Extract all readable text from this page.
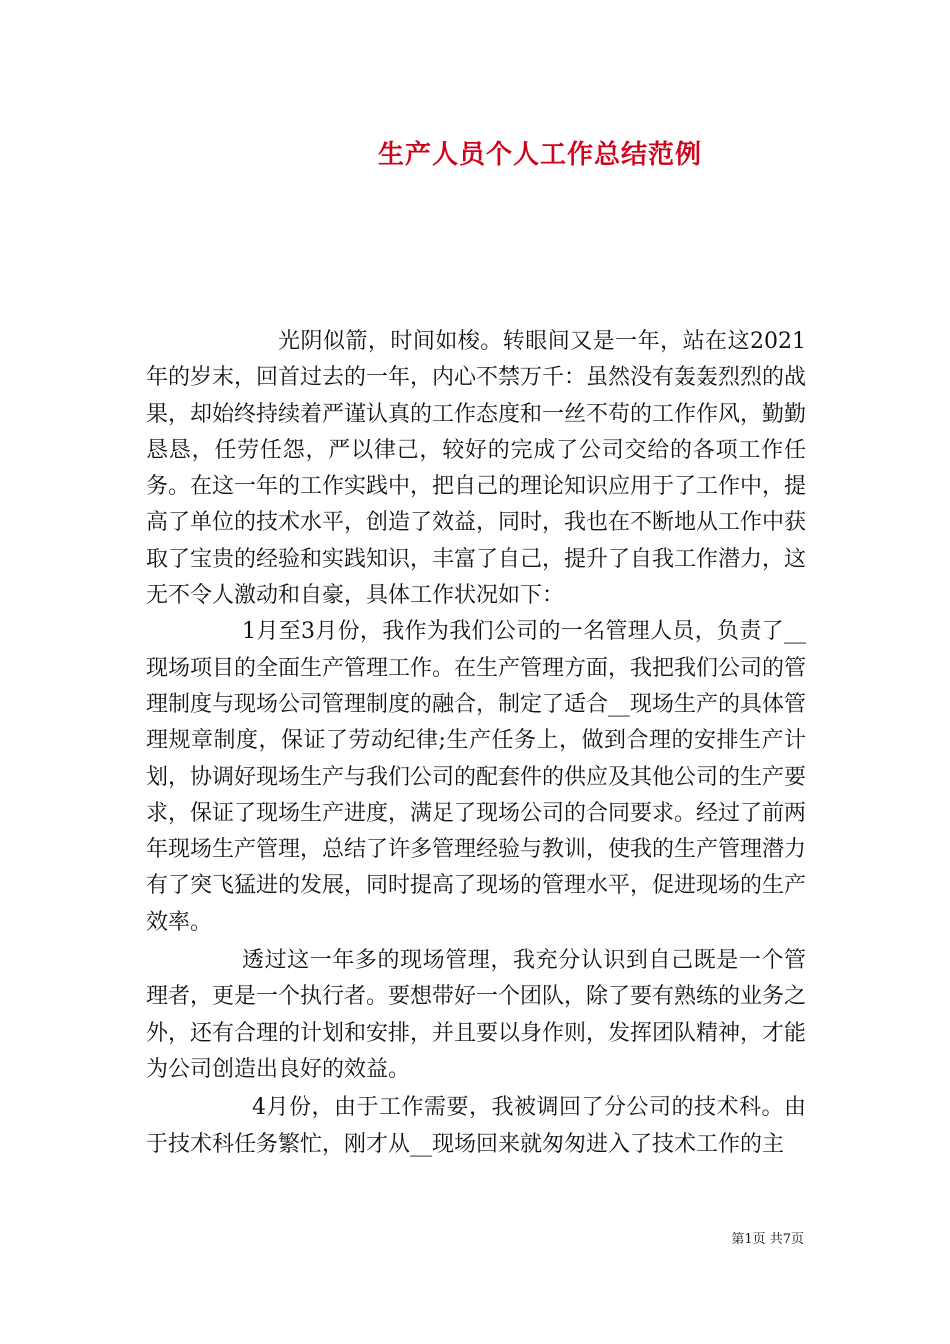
生产人员个人工作总结范例

光阴似箭，时间如梭。转眼间又是一年，站在这2021年的岁末，回首过去的一年，内心不禁万千：虽然没有轰轰烈烈的战果，却始终持续着严谨认真的工作态度和一丝不苟的工作作风，勤勤恳恳，任劳任怨，严以律己，较好的完成了公司交给的各项工作任务。在这一年的工作实践中，把自己的理论知识应用于了工作中，提高了单位的技术水平，创造了效益，同时，我也在不断地从工作中获取了宝贵的经验和实践知识，丰富了自己，提升了自我工作潜力，这无不令人激动和自豪，具体工作状况如下：

1月至3月份，我作为我们公司的一名管理人员，负责了__现场项目的全面生产管理工作。在生产管理方面，我把我们公司的管理制度与现场公司管理制度的融合，制定了适合__现场生产的具体管理规章制度，保证了劳动纪律;生产任务上，做到合理的安排生产计划，协调好现场生产与我们公司的配套件的供应及其他公司的生产要求，保证了现场生产进度，满足了现场公司的合同要求。经过了前两年现场生产管理，总结了许多管理经验与教训，使我的生产管理潜力有了突飞猛进的发展，同时提高了现场的管理水平，促进现场的生产效率。

透过这一年多的现场管理，我充分认识到自己既是一个管理者，更是一个执行者。要想带好一个团队，除了要有熟练的业务之外，还有合理的计划和安排，并且要以身作则，发挥团队精神，才能为公司创造出良好的效益。

4月份，由于工作需要，我被调回了分公司的技术科。由于技术科任务繁忙，刚才从__现场回来就匆匆进入了技术工作的主

第1页 共7页
